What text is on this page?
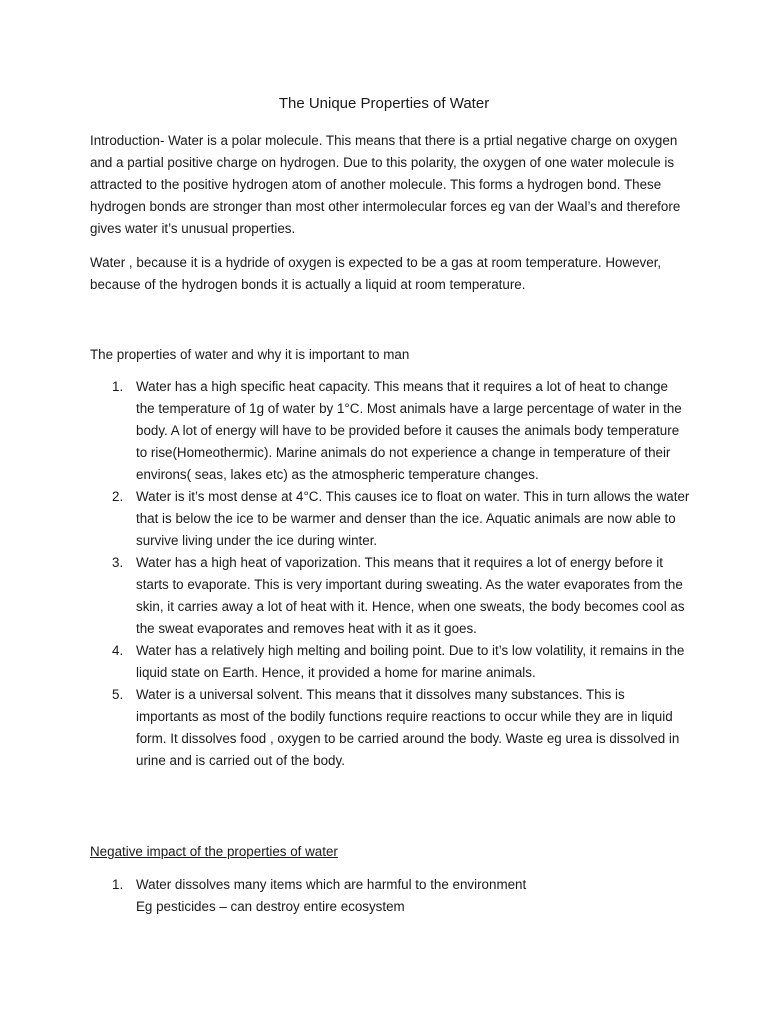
The Unique Properties of Water

Introduction- Water is a polar molecule. This means that there is a prtial negative charge on oxygen and a partial positive charge on hydrogen. Due to this polarity, the oxygen of one water molecule is attracted to the positive hydrogen atom of another molecule. This forms a hydrogen bond. These hydrogen bonds are stronger than most other intermolecular forces eg van der Waal’s and therefore gives water it’s unusual properties.

Water , because it is a hydride of oxygen is expected to be a gas at room temperature. However, because of the hydrogen bonds it is actually a liquid at room temperature.

The properties of water and why it is important to man

1. Water has a high specific heat capacity. This means that it requires a lot of heat to change the temperature of 1g of water by 1°C. Most animals have a large percentage of water in the body. A lot of energy will have to be provided before it causes the animals body temperature to rise(Homeothermic). Marine animals do not experience a change in temperature of their environs( seas, lakes etc) as the atmospheric temperature changes.
2. Water is it’s most dense at 4°C. This causes ice to float on water. This in turn allows the water that is below the ice to be warmer and denser than the ice. Aquatic animals are now able to survive living under the ice during winter.
3. Water has a high heat of vaporization. This means that it requires a lot of energy before it starts to evaporate. This is very important during sweating. As the water evaporates from the skin, it carries away a lot of heat with it. Hence, when one sweats, the body becomes cool as the sweat evaporates and removes heat with it as it goes.
4. Water has a relatively high melting and boiling point. Due to it’s low volatility, it remains in the liquid state on Earth. Hence, it provided a home for marine animals.
5. Water is a universal solvent. This means that it dissolves many substances. This is importants as most of the bodily functions require reactions to occur while they are in liquid form. It dissolves food , oxygen to be carried around the body. Waste eg urea is dissolved in urine and is carried out of the body.

Negative impact of the properties of water

1. Water dissolves many items which are harmful to the environment
Eg pesticides – can destroy entire ecosystem
